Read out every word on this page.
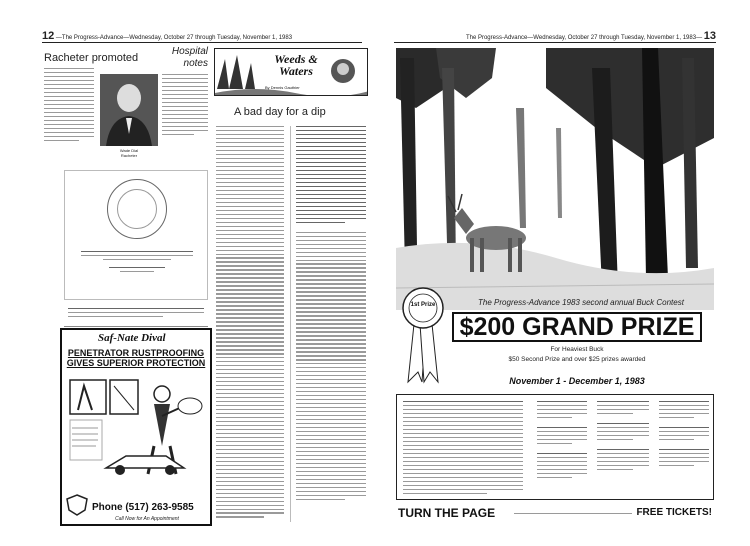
12 —The Progress-Advance—Wednesday, October 27 through Tuesday, November 1, 1983
Racheter promoted
Wade Dial
Racheter
Hospital notes
Saf-Nate Dival
PENETRATOR RUSTPROOFING GIVES SUPERIOR PROTECTION
Phone (517) 263-9585
Call Now for An Appointment
Weeds & Waters
By Dennis Gauthier
A bad day for a dip
The Progress-Advance—Wednesday, October 27 through Tuesday, November 1, 1983— 13
1st Prize	The Progress-Advance 1983 second annual Buck Contest
$200 GRAND PRIZE
For Heaviest Buck
$50 Second Prize and over $25 prizes awarded
November 1 - December 1, 1983
TURN THE PAGE	FREE TICKETS!
